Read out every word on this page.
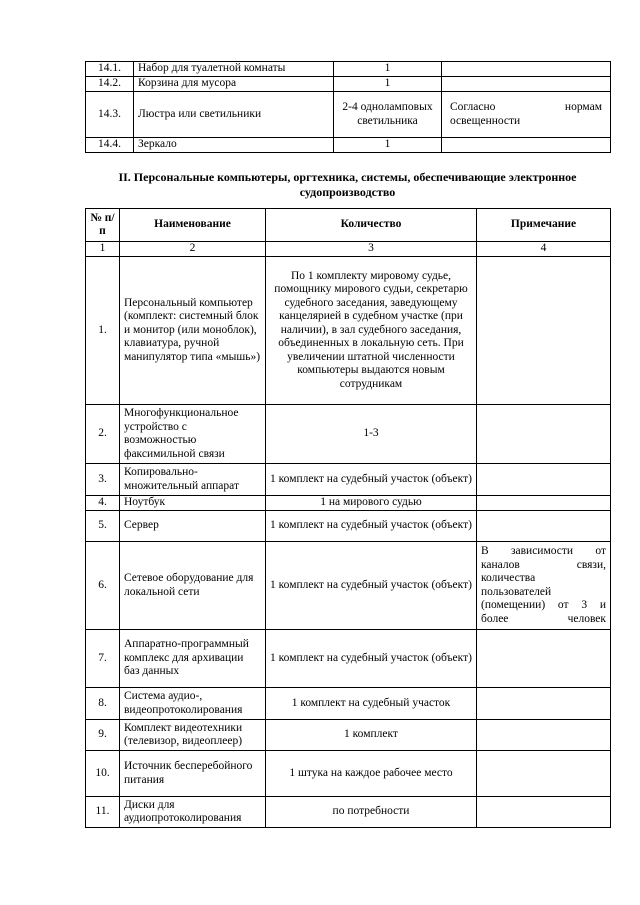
14.1.	Набор для туалетной комнаты	1	
14.2.	Корзина для мусора	1	
14.3.	Люстра или светильники	2-4 одноламповых светильника	Согласно нормам освещенности
14.4.	Зеркало	1	
II. Персональные компьютеры, оргтехника, системы, обеспечивающие электронное судопроизводство
№ п/п	Наименование	Количество	Примечание
1	2	3	4
1.	Персональный компьютер (комплект: системный блок и монитор (или моноблок), клавиатура, ручной манипулятор типа «мышь»)	По 1 комплекту мировому судье, помощнику мирового судьи, секретарю судебного заседания, заведующему канцелярией в судебном участке (при наличии), в зал судебного заседания, объединенных в локальную сеть. При увеличении штатной численности компьютеры выдаются новым сотрудникам	
2.	Многофункциональное устройство с возможностью факсимильной связи	1-3	
3.	Копировально-множительный аппарат	1 комплект на судебный участок (объект)	
4.	Ноутбук	1 на мирового судью	
5.	Сервер	1 комплект на судебный участок (объект)	
6.	Сетевое оборудование для локальной сети	1 комплект на судебный участок (объект)	В зависимости от каналов связи, количества пользователей (помещении) от 3 и более человек
7.	Аппаратно-программный комплекс для архивации баз данных	1 комплект на судебный участок (объект)	
8.	Система аудио-, видеопротоколирования	1 комплект на судебный участок	
9.	Комплект видеотехники (телевизор, видеоплеер)	1 комплект	
10.	Источник бесперебойного питания	1 штука на каждое рабочее место	
11.	Диски для аудиопротоколирования	по потребности	
